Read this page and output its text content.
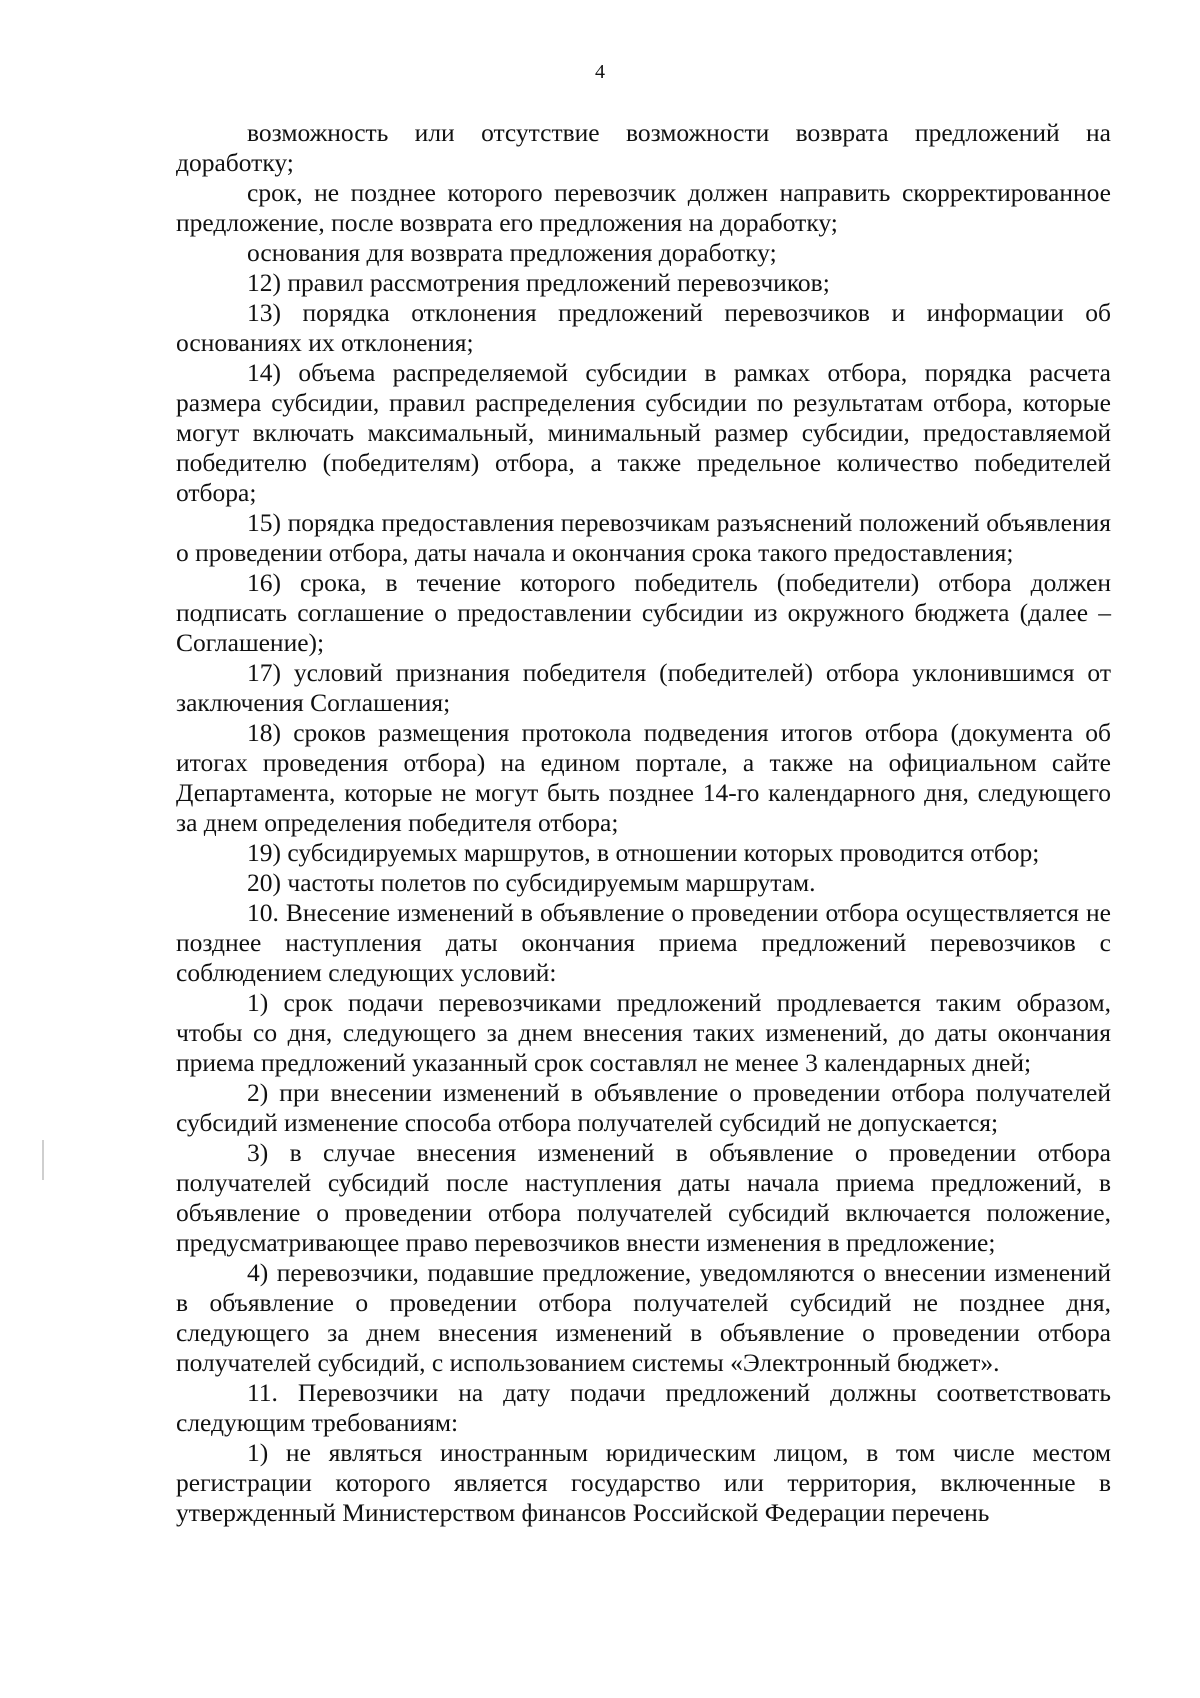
4

возможность или отсутствие возможности возврата предложений на доработку;

срок, не позднее которого перевозчик должен направить скорректированное предложение, после возврата его предложения на доработку;

основания для возврата предложения доработку;

12) правил рассмотрения предложений перевозчиков;

13) порядка отклонения предложений перевозчиков и информации об основаниях их отклонения;

14) объема распределяемой субсидии в рамках отбора, порядка расчета размера субсидии, правил распределения субсидии по результатам отбора, которые могут включать максимальный, минимальный размер субсидии, предоставляемой победителю (победителям) отбора, а также предельное количество победителей отбора;

15) порядка предоставления перевозчикам разъяснений положений объявления о проведении отбора, даты начала и окончания срока такого предоставления;

16) срока, в течение которого победитель (победители) отбора должен подписать соглашение о предоставлении субсидии из окружного бюджета (далее – Соглашение);

17) условий признания победителя (победителей) отбора уклонившимся от заключения Соглашения;

18) сроков размещения протокола подведения итогов отбора (документа об итогах проведения отбора) на едином портале, а также на официальном сайте Департамента, которые не могут быть позднее 14-го календарного дня, следующего за днем определения победителя отбора;

19) субсидируемых маршрутов, в отношении которых проводится отбор;

20) частоты полетов по субсидируемым маршрутам.

10. Внесение изменений в объявление о проведении отбора осуществляется не позднее наступления даты окончания приема предложений перевозчиков с соблюдением следующих условий:

1) срок подачи перевозчиками предложений продлевается таким образом, чтобы со дня, следующего за днем внесения таких изменений, до даты окончания приема предложений указанный срок составлял не менее 3 календарных дней;

2) при внесении изменений в объявление о проведении отбора получателей субсидий изменение способа отбора получателей субсидий не допускается;

3) в случае внесения изменений в объявление о проведении отбора получателей субсидий после наступления даты начала приема предложений, в объявление о проведении отбора получателей субсидий включается положение, предусматривающее право перевозчиков внести изменения в предложение;

4) перевозчики, подавшие предложение, уведомляются о внесении изменений в объявление о проведении отбора получателей субсидий не позднее дня, следующего за днем внесения изменений в объявление о проведении отбора получателей субсидий, с использованием системы «Электронный бюджет».

11. Перевозчики на дату подачи предложений должны соответствовать следующим требованиям:

1) не являться иностранным юридическим лицом, в том числе местом регистрации которого является государство или территория, включенные в утвержденный Министерством финансов Российской Федерации перечень
